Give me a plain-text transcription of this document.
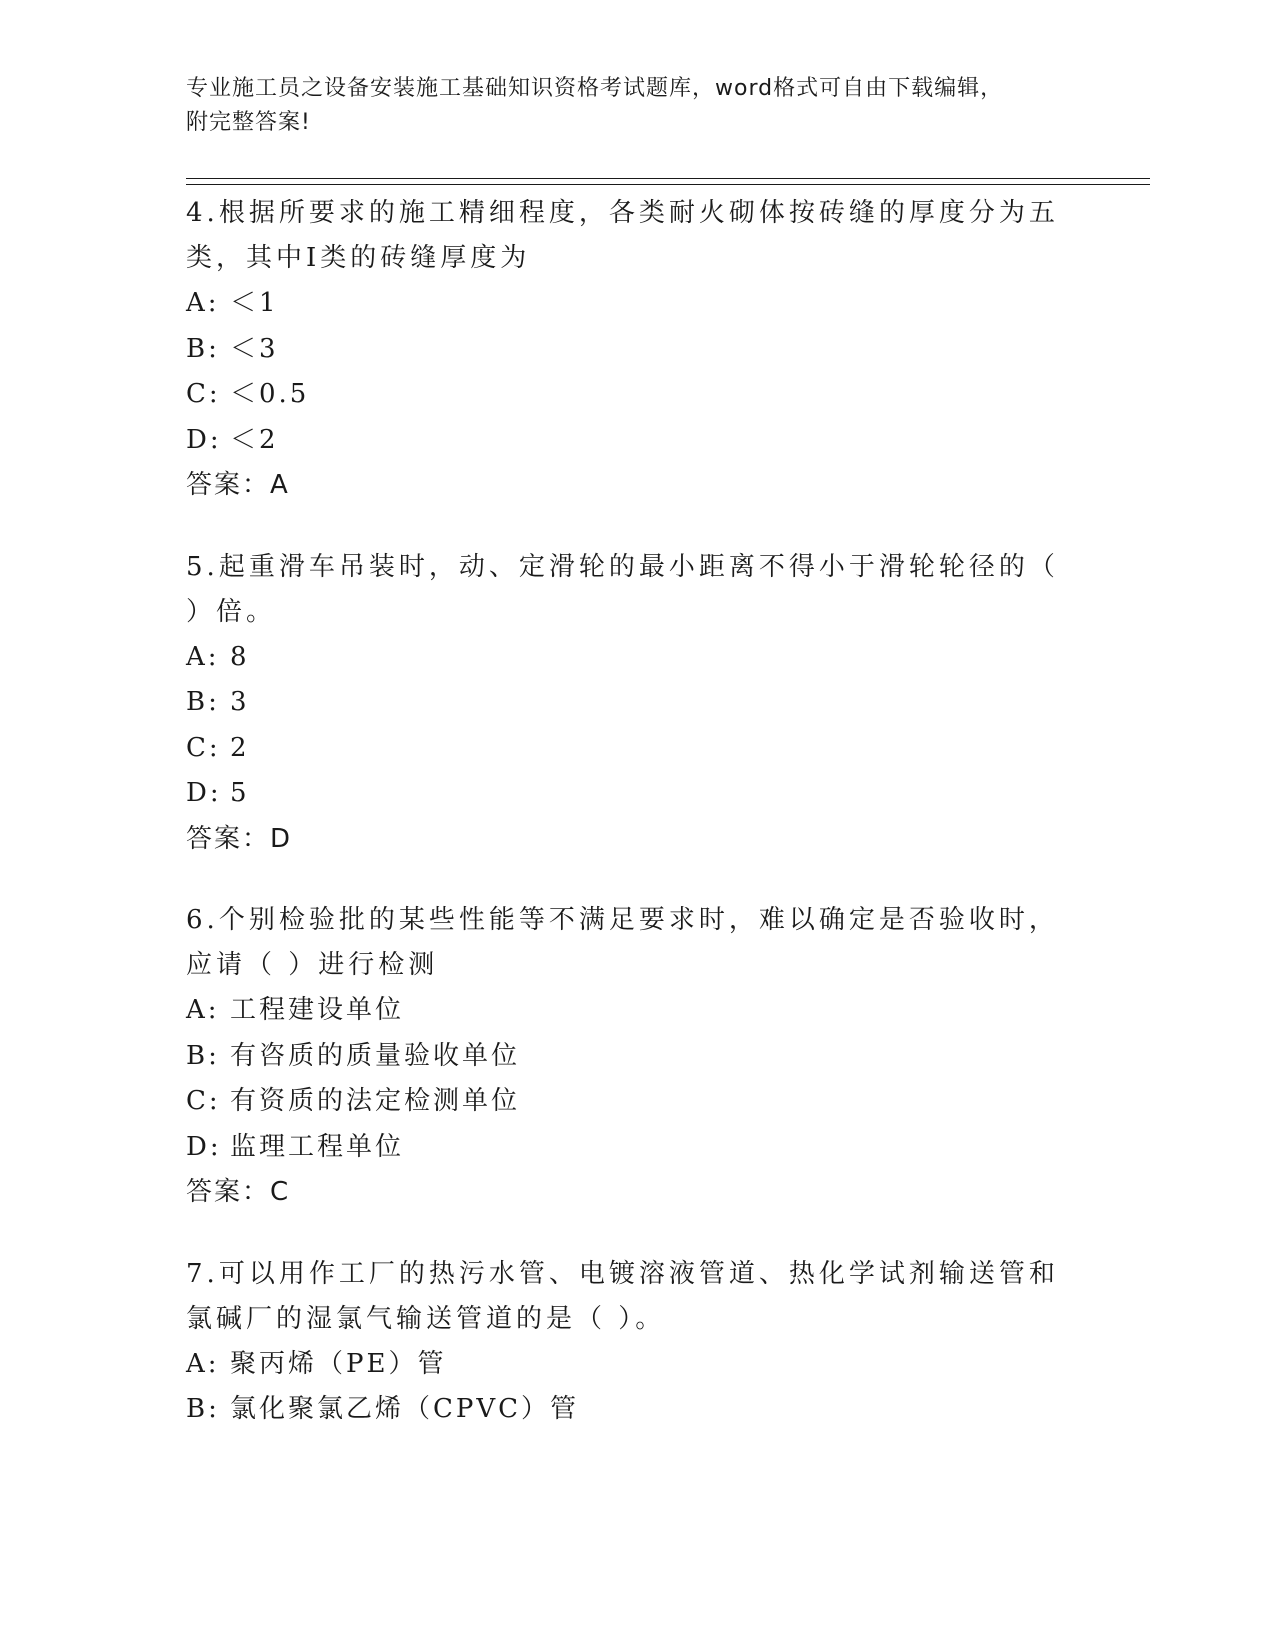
专业施工员之设备安装施工基础知识资格考试题库，word格式可自由下载编辑，
附完整答案!

4.根据所要求的施工精细程度，各类耐火砌体按砖缝的厚度分为五类，其中Ⅰ类的砖缝厚度为

A: ＜1

B: ＜3

C: ＜0.5

D: ＜2

答案：A

5.起重滑车吊装时，动、定滑轮的最小距离不得小于滑轮轮径的（ ）倍。

A: 8

B: 3

C: 2

D: 5

答案：D

6.个别检验批的某些性能等不满足要求时，难以确定是否验收时，应请（ ）进行检测

A: 工程建设单位

B: 有咨质的质量验收单位

C: 有资质的法定检测单位

D: 监理工程单位

答案：C

7.可以用作工厂的热污水管、电镀溶液管道、热化学试剂输送管和氯碱厂的湿氯气输送管道的是（ ）。

A: 聚丙烯（PE）管

B: 氯化聚氯乙烯（CPVC）管
